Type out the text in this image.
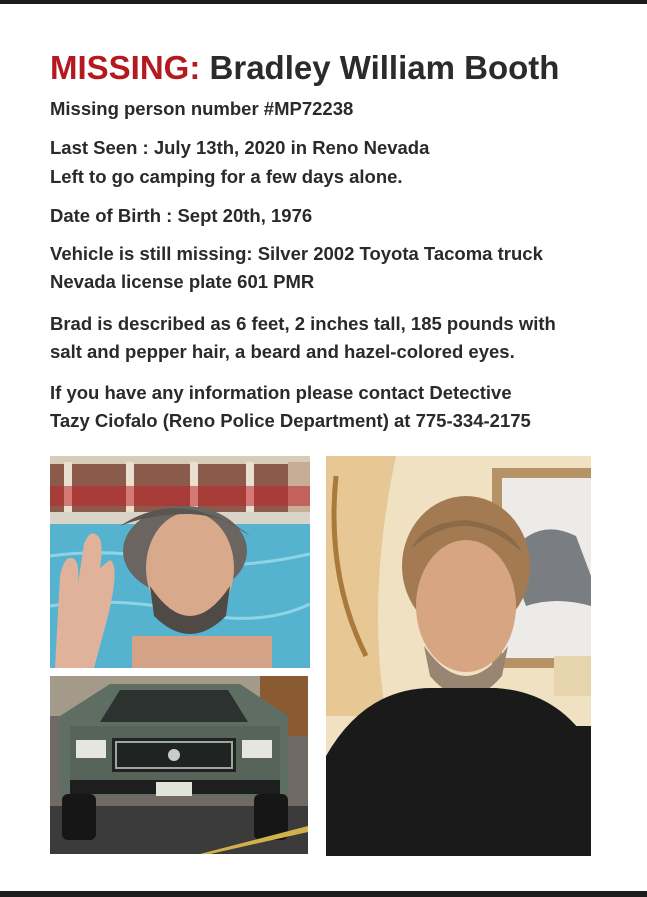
MISSING: Bradley William Booth
Missing person number #MP72238
Last Seen : July 13th, 2020 in Reno Nevada
Left to go camping for a few days alone.
Date of Birth : Sept 20th, 1976
Vehicle is still missing: Silver 2002 Toyota Tacoma truck
Nevada license plate 601 PMR
Brad is described as 6 feet, 2 inches tall, 185 pounds with
salt and pepper hair, a beard and hazel-colored eyes.
If you have any information please contact Detective
Tazy Ciofalo (Reno Police Department) at 775-334-2175
